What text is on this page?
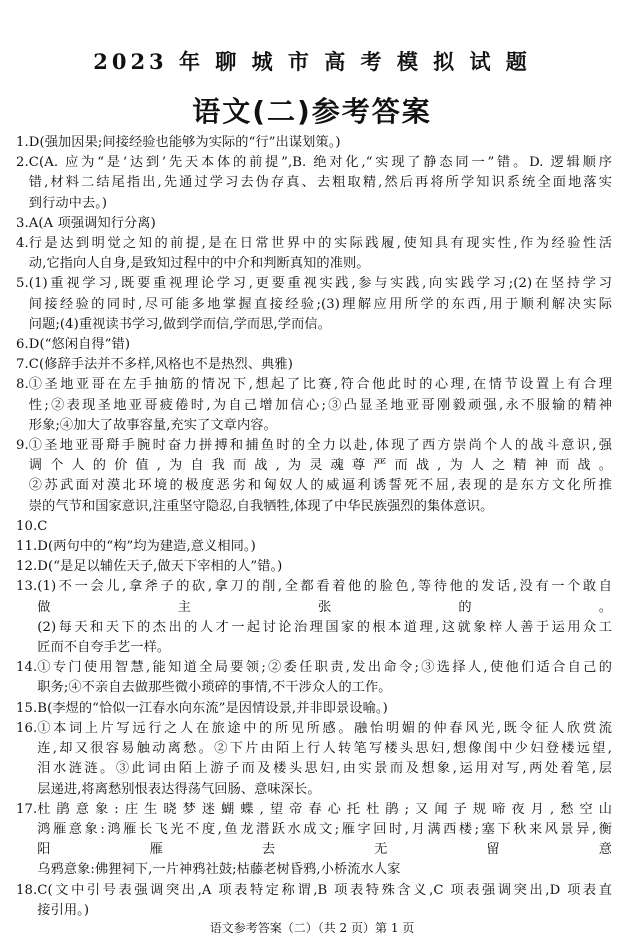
2023 年 聊 城 市 高 考 模 拟 试 题
语文(二)参考答案
1. D(强加因果;间接经验也能够为实际的“行”出谋划策。)
2. C(A. 应为“是‘达到’先天本体的前提”,B. 绝对化,“实现了静态同一”错。D. 逻辑顺序
错,材料二结尾指出,先通过学习去伪存真、去粗取精,然后再将所学知识系统全面地落实
到行动中去。)
3. A(A 项强调知行分离)
4. 行是达到明觉之知的前提,是在日常世界中的实际践履,使知具有现实性,作为经验性活
动,它指向人自身,是致知过程中的中介和判断真知的准则。
5. (1)重视学习,既要重视理论学习,更要重视实践,参与实践,向实践学习;(2)在坚持学习
间接经验的同时,尽可能多地掌握直接经验;(3)理解应用所学的东西,用于顺利解决实际
问题;(4)重视读书学习,做到学而信,学而思,学而信。
6. D(“悠闲自得”错)
7. C(修辞手法并不多样,风格也不是热烈、典雅)
8. ①圣地亚哥在左手抽筋的情况下,想起了比赛,符合他此时的心理,在情节设置上有合理
性;②表现圣地亚哥疲倦时,为自己增加信心;③凸显圣地亚哥刚毅顽强,永不服输的精神
形象;④加大了故事容量,充实了文章内容。
9. ①圣地亚哥搿手腕时奋力拼搏和捕鱼时的全力以赴,体现了西方崇尚个人的战斗意识,强
调个人的价值,为自我而战,为灵魂尊严而战,为人之精神而战。
②苏武面对漠北环境的极度恶劣和匈奴人的威逼利诱誓死不屈,表现的是东方文化所推
崇的气节和国家意识,注重坚守隐忍,自我牺牲,体现了中华民族强烈的集体意识。
10. C
11. D(两句中的“构”均为建造,意义相同。)
12. D(“是足以辅佐天子,做天下宰相的人”错。)
13. (1)不一会儿,拿斧子的砍,拿刀的削,全都看着他的脸色,等待他的发话,没有一个敢自
做主张的。
(2)每天和天下的杰出的人才一起讨论治理国家的根本道理,这就象梓人善于运用众工
匠而不自夸手艺一样。
14. ①专门使用智慧,能知道全局要领;②委任职责,发出命令;③选择人,使他们适合自己的
职务;④不亲自去做那些微小琐碎的事情,不干涉众人的工作。
15. B(李煜的“恰似一江春水向东流”是因情设景,并非即景设喻。)
16. ①本词上片写远行之人在旅途中的所见所感。融怡明媚的仲春风光,既令征人欣赏流
连,却又很容易触动离愁。②下片由陌上行人转笔写楼头思妇,想像闺中少妇登楼远望,
泪水涟涟。③此词由陌上游子而及楼头思妇,由实景而及想象,运用对写,两处着笔,层
层递进,将离愁别恨表达得荡气回肠、意味深长。
17. 杜鹃意象:庄生晓梦迷蝴蝶,望帝春心托杜鹃;又闻子规啼夜月,愁空山
鸿雁意象:鸿雁长飞光不度,鱼龙潜跃水成文;雁字回时,月满西楼;塞下秋来风景异,衡
阳雁去无留意
乌鸦意象:佛狸祠下,一片神鸦社鼓;枯藤老树昏鸦,小桥流水人家
18. C(文中引号表强调突出,A 项表特定称谓,B 项表特殊含义,C 项表强调突出,D 项表直
接引用。)
语文参考答案（二）（共 2 页）第 1 页
